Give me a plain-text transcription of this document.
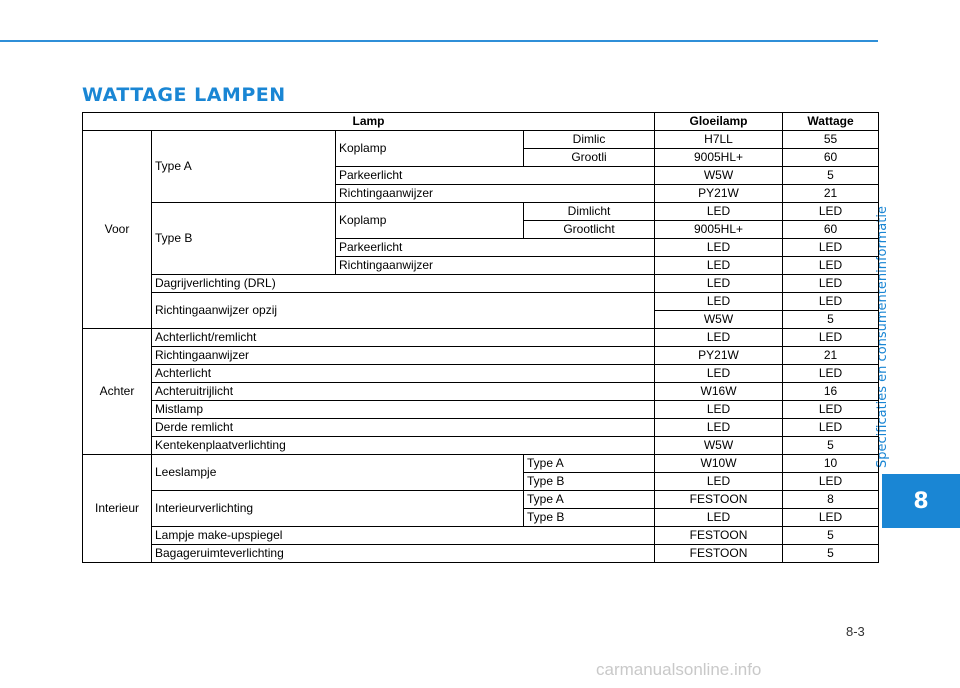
WATTAGE LAMPEN
Specificaties en consumenteninformatie
8
8-3
carmanualsonline.info
Lamp				Gloeilamp	Wattage
Voor	Type A	Koplamp	Dimlic	H7LL	55
			Grootli	9005HL+	60
		Parkeerlicht		W5W	5
		Richtingaanwijzer		PY21W	21
	Type B	Koplamp	Dimlicht	LED	LED
			Grootlicht	9005HL+	60
		Parkeerlicht		LED	LED
		Richtingaanwijzer		LED	LED
	Dagrijverlichting (DRL)			LED	LED
	Richtingaanwijzer opzij			LED	LED
				W5W	5
Achter	Achterlicht/remlicht			LED	LED
	Richtingaanwijzer			PY21W	21
	Achterlicht			LED	LED
	Achteruitrijlicht			W16W	16
	Mistlamp			LED	LED
	Derde remlicht			LED	LED
	Kentekenplaatverlichting			W5W	5
Interieur	Leeslampje		Type A	W10W	10
			Type B	LED	LED
	Interieurverlichting		Type A	FESTOON	8
			Type B	LED	LED
	Lampje make-upspiegel			FESTOON	5
	Bagageruimteverlichting			FESTOON	5
